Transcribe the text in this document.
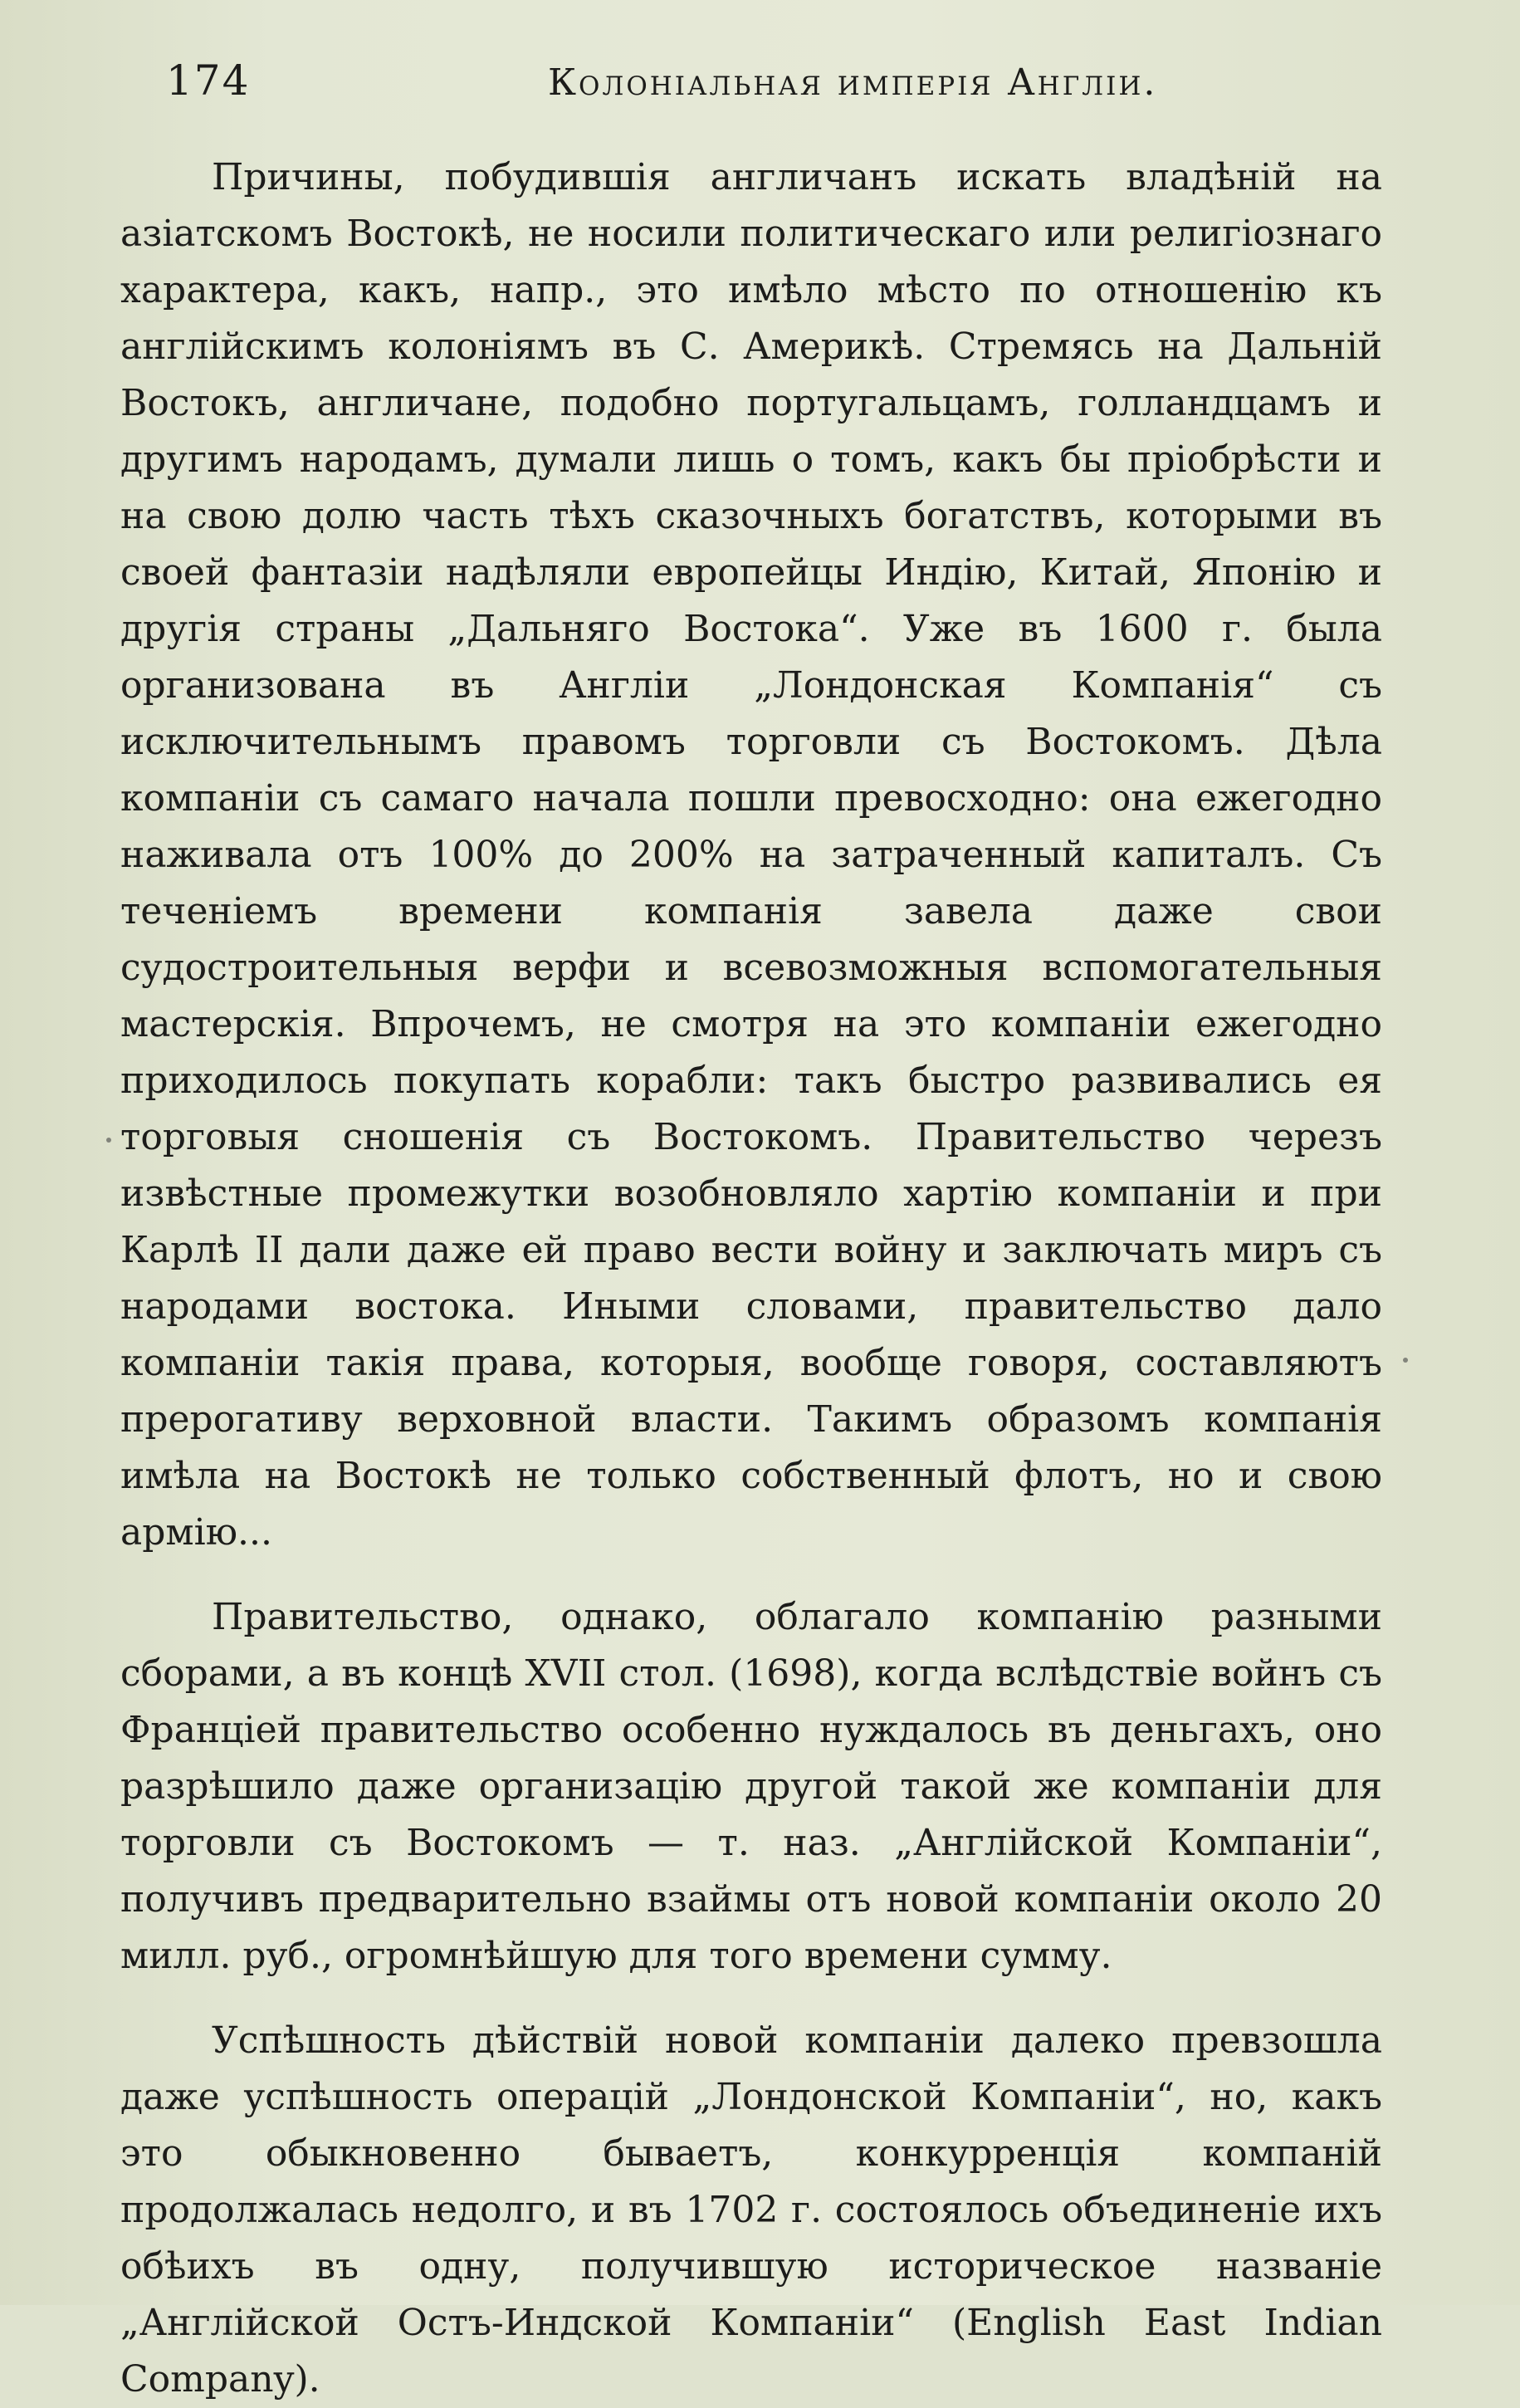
174	Колоніальная имперія Англіи.

Причины, побудившія англичанъ искать владѣній на азіатскомъ Востокѣ, не носили политическаго или религіознаго характера, какъ, напр., это имѣло мѣсто по отношенію къ англійскимъ колоніямъ въ С. Америкѣ. Стремясь на Дальній Востокъ, англичане, подобно португальцамъ, голландцамъ и другимъ народамъ, думали лишь о томъ, какъ бы пріобрѣсти и на свою долю часть тѣхъ сказочныхъ богатствъ, которыми въ своей фантазіи надѣляли европейцы Индію, Китай, Японію и другія страны „Дальняго Востока“. Уже въ 1600 г. была организована въ Англіи „Лондонская Компанія“ съ исключительнымъ правомъ торговли съ Востокомъ. Дѣла компаніи съ самаго начала пошли превосходно: она ежегодно наживала отъ 100% до 200% на затраченный капиталъ. Съ теченіемъ времени компанія завела даже свои судостроительныя верфи и всевозможныя вспомогательныя мастерскія. Впрочемъ, не смотря на это компаніи ежегодно приходилось покупать корабли: такъ быстро развивались ея торговыя сношенія съ Востокомъ. Правительство черезъ извѣстные промежутки возобновляло хартію компаніи и при Карлѣ II дали даже ей право вести войну и заключать миръ съ народами востока. Иными словами, правительство дало компаніи такія права, которыя, вообще говоря, составляютъ прерогативу верховной власти. Такимъ образомъ компанія имѣла на Востокѣ не только собственный флотъ, но и свою армію...

Правительство, однако, облагало компанію разными сборами, а въ концѣ XVII стол. (1698), когда вслѣдствіе войнъ съ Франціей правительство особенно нуждалось въ деньгахъ, оно разрѣшило даже организацію другой такой же компаніи для торговли съ Востокомъ — т. наз. „Англійской Компаніи“, получивъ предварительно взаймы отъ новой компаніи около 20 милл. руб., огромнѣйшую для того времени сумму.

Успѣшность дѣйствій новой компаніи далеко превзошла даже успѣшность операцій „Лондонской Компаніи“, но, какъ это обыкновенно бываетъ, конкурренція компаній продолжалась недолго, и въ 1702 г. состоялось объединеніе ихъ обѣихъ въ одну, получившую историческое названіе „Англійской Остъ-Индской Компаніи“ (English East Indian Company).
